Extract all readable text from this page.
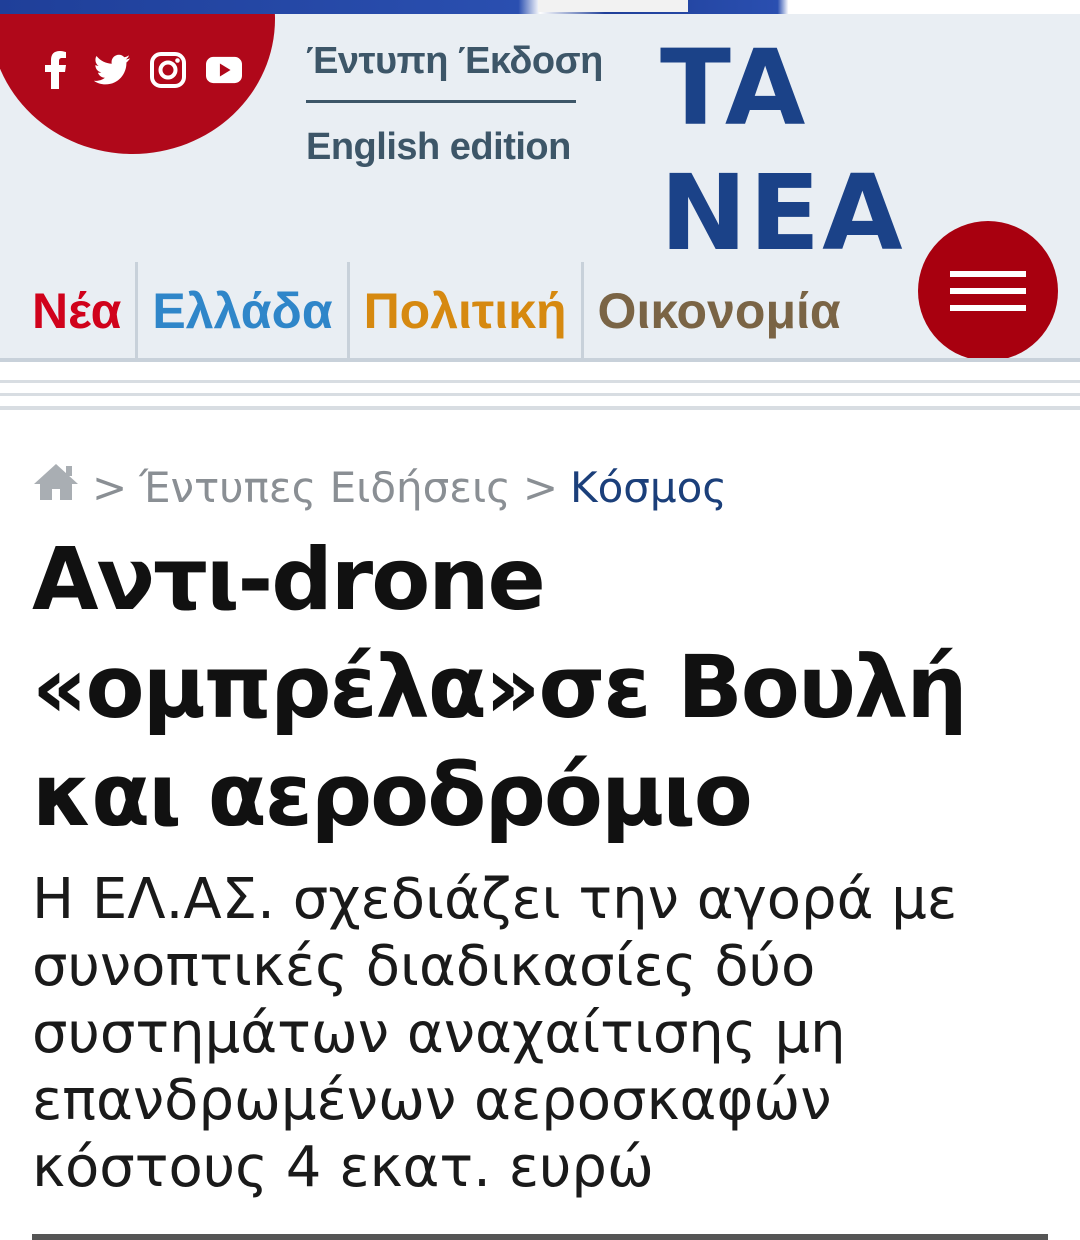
Έντυπη Έκδοση
English edition TA NEA
Νέα Ελλάδα Πολιτική Οικονομία
> Έντυπες Ειδήσεις > Κόσμος
Αντι-drone
«ομπρέλα»σε Βουλή
και αεροδρόμιο

Η ΕΛ.ΑΣ. σχεδιάζει την αγορά με
συνοπτικές διαδικασίες δύο
συστημάτων αναχαίτισης μη
επανδρωμένων αεροσκαφών
κόστους 4 εκατ. ευρώ
